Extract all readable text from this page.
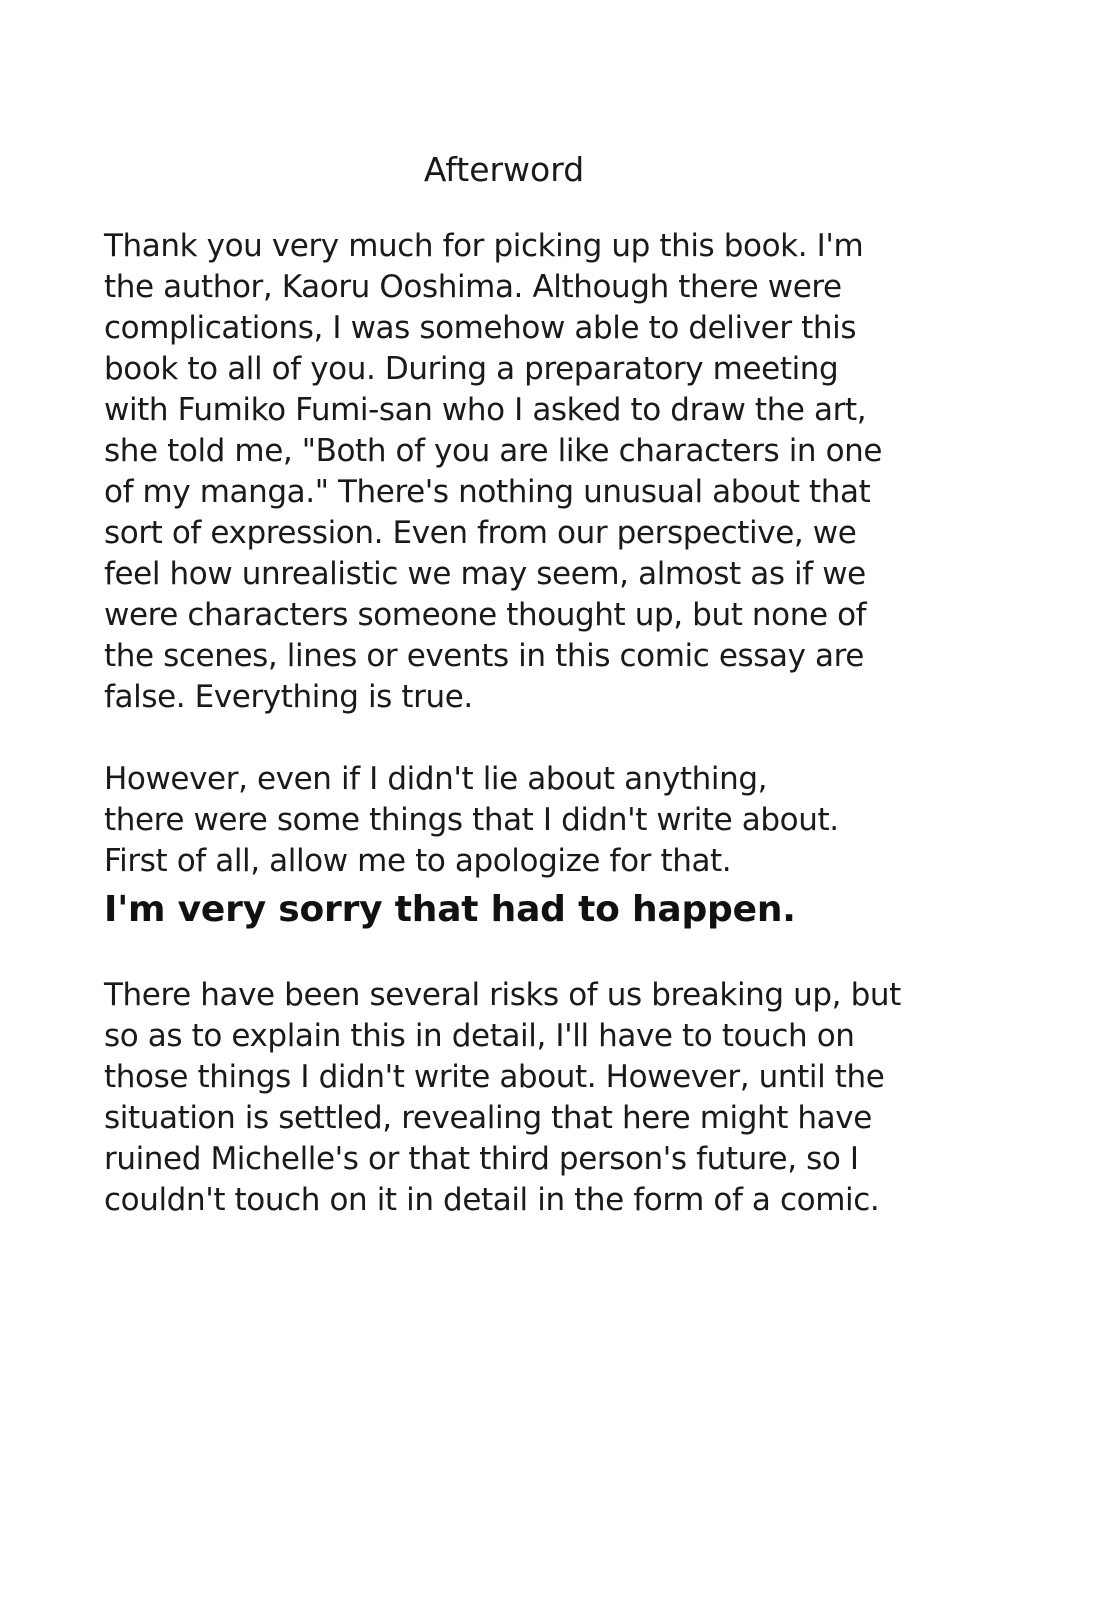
Afterword

Thank you very much for picking up this book. I'm

the author, Kaoru Ooshima. Although there were

complications, I was somehow able to deliver this

book to all of you. During a preparatory meeting

with Fumiko Fumi-san who I asked to draw the art,

she told me, "Both of you are like characters in one

of my manga." There's nothing unusual about that

sort of expression. Even from our perspective, we

feel how unrealistic we may seem, almost as if we

were characters someone thought up, but none of

the scenes, lines or events in this comic essay are

false. Everything is true.

However, even if I didn't lie about anything,

there were some things that I didn't write about.

First of all, allow me to apologize for that.

I'm very sorry that had to happen.

There have been several risks of us breaking up, but

so as to explain this in detail, I'll have to touch on

those things I didn't write about. However, until the

situation is settled, revealing that here might have

ruined Michelle's or that third person's future, so I

couldn't touch on it in detail in the form of a comic.
